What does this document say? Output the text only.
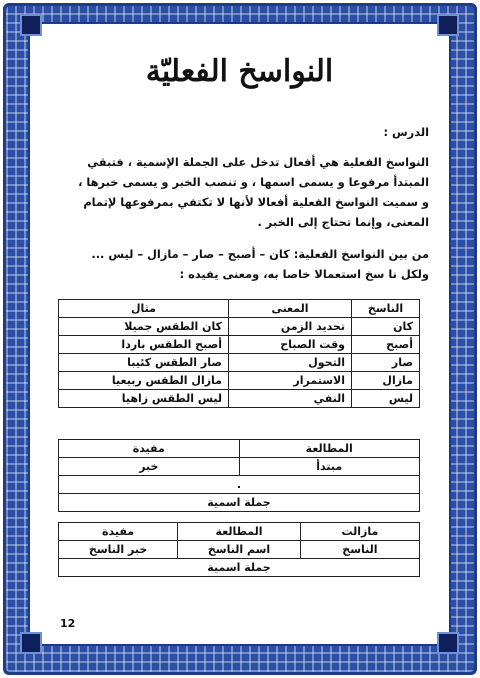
النواسخ الفعليّة
الدرس :
النواسخ الفعلية هي أفعال تدخل على الجملة الإسمية ، فتبقي
المبتدأ مرفوعا و يسمى اسمها ، و تنصب الخبر و يسمى خبرها ،
و سميت النواسخ الفعلية أفعالا لأنها لا تكتفي بمرفوعها لإتمام
المعنى، وإنما تحتاج إلى الخبر .
من بين النواسخ الفعلية: كان – أصبح – صار – مازال – ليس ...
ولكل نا سخ استعمالا خاصا به، ومعنى يفيده :
الناسخ	المعنى	مثال
كان	تحديد الزمن	كان الطقس جميلا
أصبح	وقت الصباح	أصبح الطقس باردا
صار	التحول	صار الطقس كئيبا
مازال	الاستمرار	مازال الطقس ربيعيا
ليس	النفي	ليس الطقس زاهيا
المطالعة	مفيدة
مبتدأ	خبر
.	
جملة اسمية	
مازالت	المطالعة	مفيدة
الناسخ	اسم الناسخ	خبر الناسخ
جملة اسمية		
12
